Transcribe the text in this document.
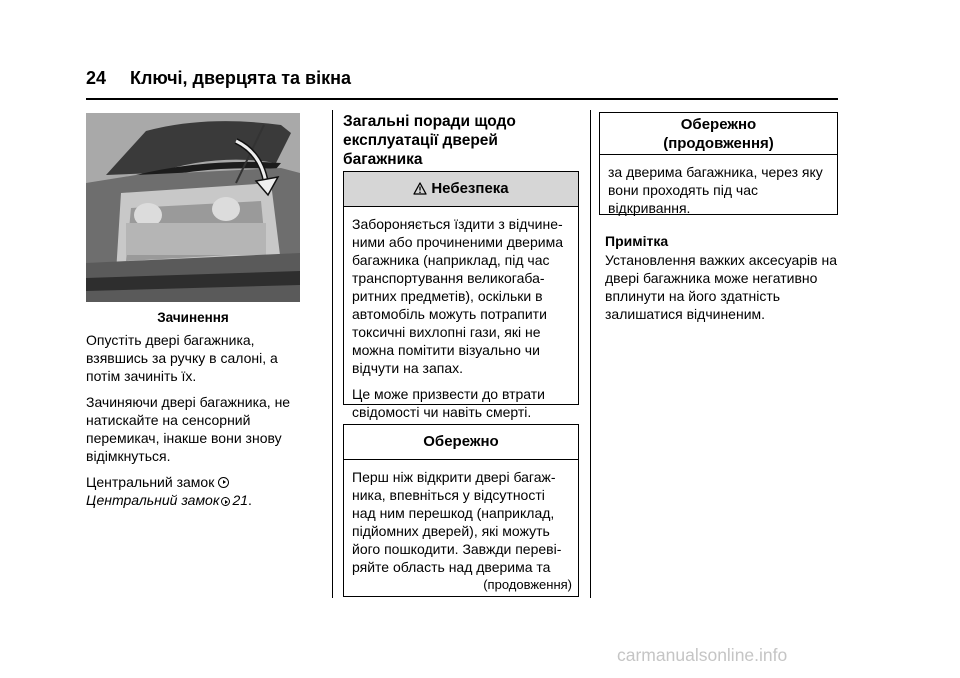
24 Ключі, дверцята та вікна
Зачинення

Опустіть двері багажника, взявшись за ручку в салоні, а потім зачиніть їх.

Зачиняючи двері багажника, не натискайте на сенсорний перемикач, інакше вони знову відімкнуться.

Центральний замок
Центральний замок 21.

Загальні поради щодо експлуатації дверей багажника
Небезпека

Забороняється їздити з відчиненими або прочиненими дверима багажника (наприклад, під час транспортування великогабаритних предметів), оскільки в автомобіль можуть потрапити токсичні вихлопні гази, які не можна помітити візуально чи відчути на запах.

Це може призвести до втрати свідомості чи навіть смерті.

Обережно

Перш ніж відкрити двері багажника, впевніться у відсутності над ним перешкод (наприклад, підйомних дверей), які можуть його пошкодити. Завжди перевіряйте область над дверима та

(продовження)
Обережно
(продовження)

за дверима багажника, через яку вони проходять під час відкривання.

Примітка
Установлення важких аксесуарів на двері багажника може негативно вплинути на його здатність залишатися відчиненим.
carmanualsonline.info
